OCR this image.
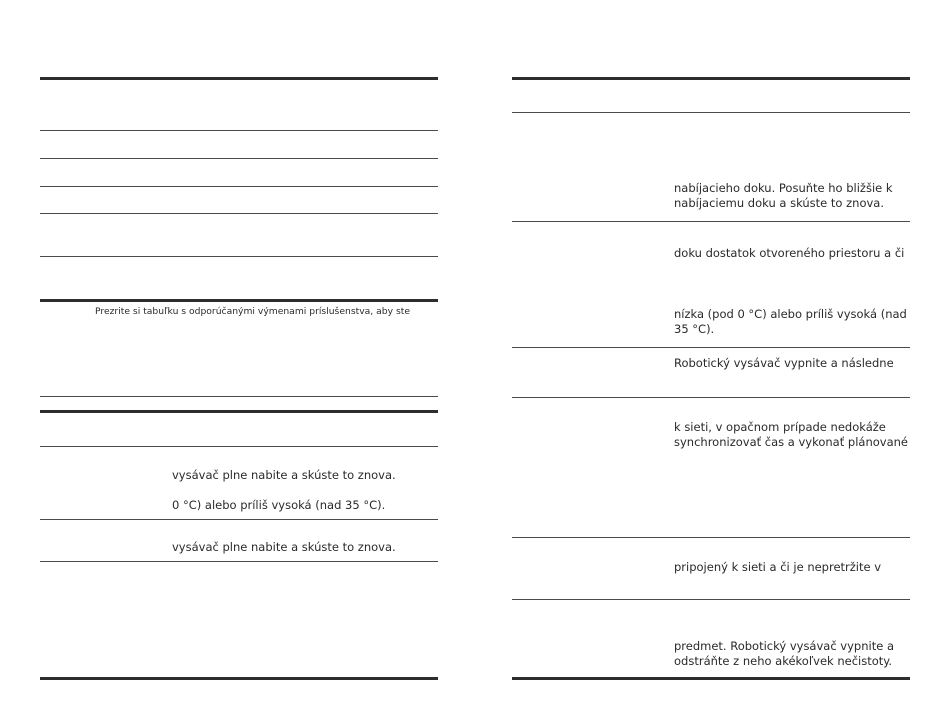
Prezrite si tabuľku s odporúčanými výmenami príslušenstva, aby ste
vysávač plne nabite a skúste to znova.
0 °C) alebo príliš vysoká (nad 35 °C).
vysávač plne nabite a skúste to znova.
nabíjacieho doku. Posuňte ho bližšie k
nabíjaciemu doku a skúste to znova.
doku dostatok otvoreného priestoru a či
nízka (pod 0 °C) alebo príliš vysoká (nad
35 °C).
Robotický vysávač vypnite a následne
k sieti, v opačnom prípade nedokáže
synchronizovať čas a vykonať plánované
pripojený k sieti a či je nepretržite v
predmet. Robotický vysávač vypnite a
odstráňte z neho akékoľvek nečistoty.
